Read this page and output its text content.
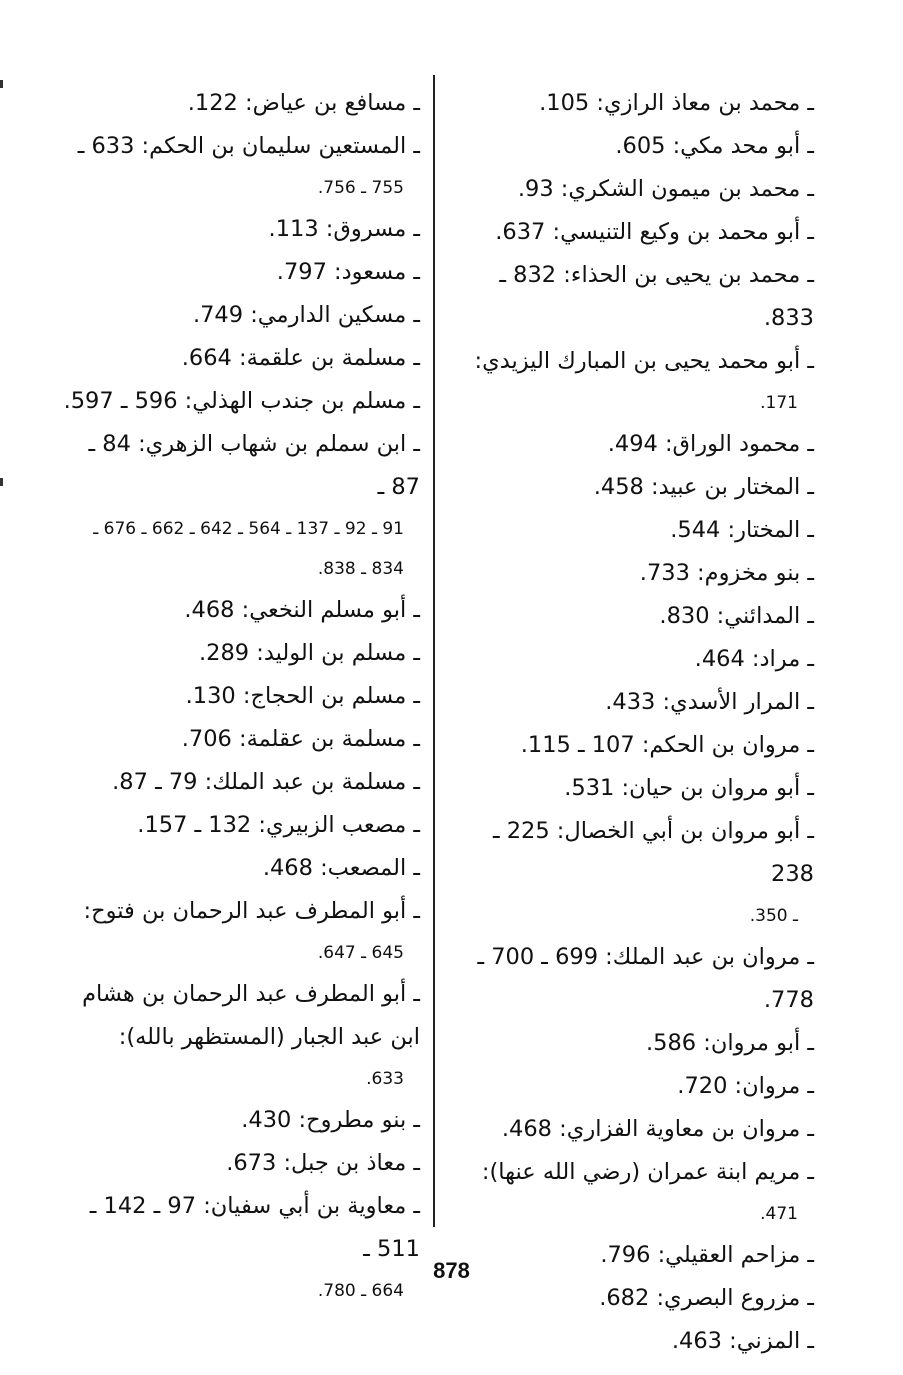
ـ محمد بن معاذ الرازي: 105.

ـ أبو محد مكي: 605.

ـ محمد بن ميمون الشكري: 93.

ـ أبو محمد بن وكيع التنيسي: 637.

ـ محمد بن يحيى بن الحذاء: 832 ـ 833.

ـ أبو محمد يحيى بن المبارك اليزيدي:
171.

ـ محمود الوراق: 494.

ـ المختار بن عبيد: 458.

ـ المختار: 544.

ـ بنو مخزوم: 733.

ـ المدائني: 830.

ـ مراد: 464.

ـ المرار الأسدي: 433.

ـ مروان بن الحكم: 107 ـ 115.

ـ أبو مروان بن حيان: 531.

ـ أبو مروان بن أبي الخصال: 225 ـ 238
ـ 350.

ـ مروان بن عبد الملك: 699 ـ 700 ـ 778.

ـ أبو مروان: 586.

ـ مروان: 720.

ـ مروان بن معاوية الفزاري: 468.

ـ مريم ابنة عمران (رضي الله عنها):
471.

ـ مزاحم العقيلي: 796.

ـ مزروع البصري: 682.

ـ المزني: 463.

ـ مسافع بن عياض: 122.

ـ المستعين سليمان بن الحكم: 633 ـ
755 ـ 756.

ـ مسروق: 113.

ـ مسعود: 797.

ـ مسكين الدارمي: 749.

ـ مسلمة بن علقمة: 664.

ـ مسلم بن جندب الهذلي: 596 ـ 597.

ـ ابن سملم بن شهاب الزهري: 84 ـ 87 ـ
91 ـ 92 ـ 137 ـ 564 ـ 642 ـ 662 ـ 676 ـ
834 ـ 838.

ـ أبو مسلم النخعي: 468.

ـ مسلم بن الوليد: 289.

ـ مسلم بن الحجاج: 130.

ـ مسلمة بن عقلمة: 706.

ـ مسلمة بن عبد الملك: 79 ـ 87.

ـ مصعب الزبيري: 132 ـ 157.

ـ المصعب: 468.

ـ أبو المطرف عبد الرحمان بن فتوح:
645 ـ 647.

ـ أبو المطرف عبد الرحمان بن هشام
ابن عبد الجبار (المستظهر بالله):
633.

ـ بنو مطروح: 430.

ـ معاذ بن جبل: 673.

ـ معاوية بن أبي سفيان: 97 ـ 142 ـ 511 ـ
664 ـ 780.

878
